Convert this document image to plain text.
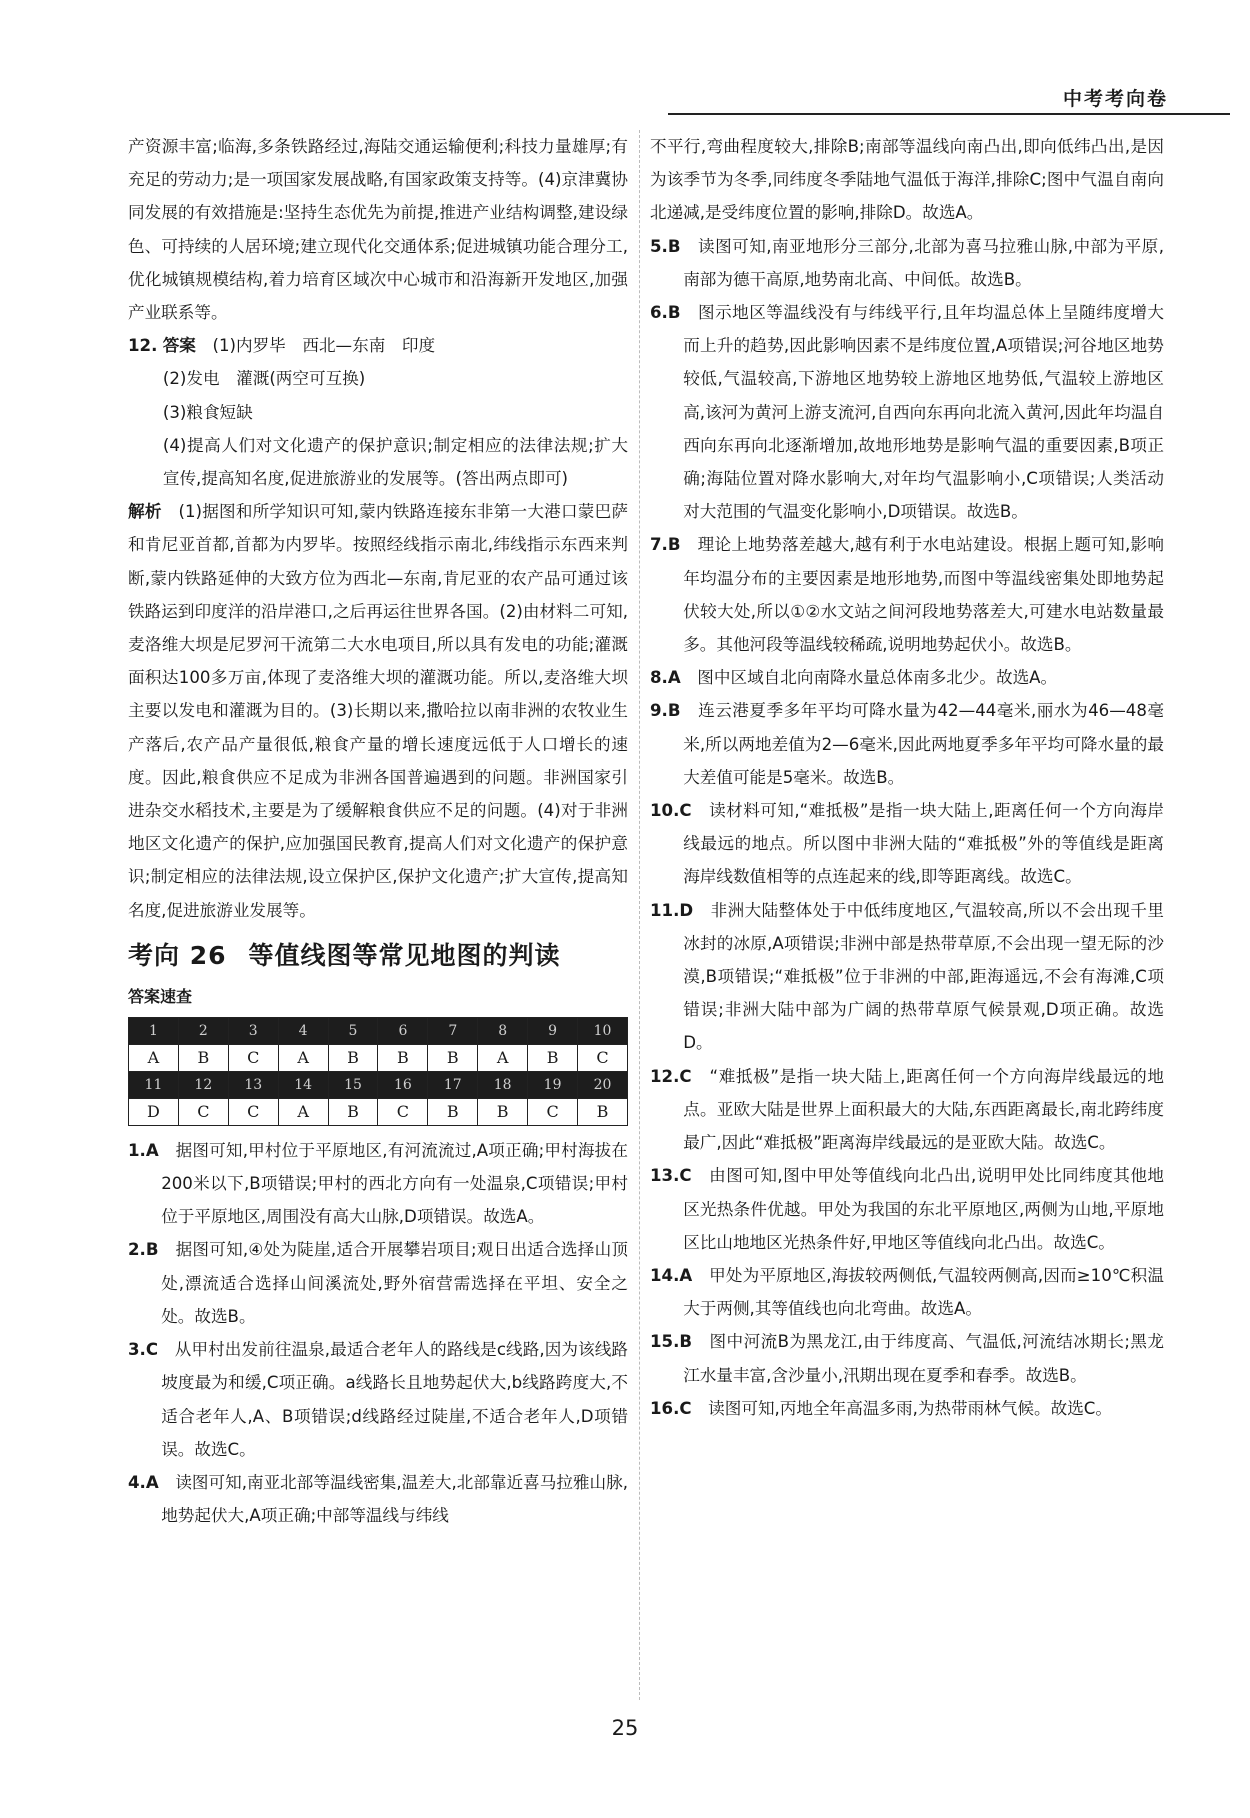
中考考向卷

产资源丰富;临海,多条铁路经过,海陆交通运输便利;科技力量雄厚;有充足的劳动力;是一项国家发展战略,有国家政策支持等。(4)京津冀协同发展的有效措施是:坚持生态优先为前提,推进产业结构调整,建设绿色、可持续的人居环境;建立现代化交通体系;促进城镇功能合理分工,优化城镇规模结构,着力培育区域次中心城市和沿海新开发地区,加强产业联系等。

12. 答案　 (1)内罗毕　西北—东南　印度

(2)发电　灌溉(两空可互换)

(3)粮食短缺

(4)提高人们对文化遗产的保护意识;制定相应的法律法规;扩大宣传,提高知名度,促进旅游业的发展等。(答出两点即可)

解析　 (1)据图和所学知识可知,蒙内铁路连接东非第一大港口蒙巴萨和肯尼亚首都,首都为内罗毕。按照经线指示南北,纬线指示东西来判断,蒙内铁路延伸的大致方位为西北—东南,肯尼亚的农产品可通过该铁路运到印度洋的沿岸港口,之后再运往世界各国。(2)由材料二可知,麦洛维大坝是尼罗河干流第二大水电项目,所以具有发电的功能;灌溉面积达100多万亩,体现了麦洛维大坝的灌溉功能。所以,麦洛维大坝主要以发电和灌溉为目的。(3)长期以来,撒哈拉以南非洲的农牧业生产落后,农产品产量很低,粮食产量的增长速度远低于人口增长的速度。因此,粮食供应不足成为非洲各国普遍遇到的问题。非洲国家引进杂交水稻技术,主要是为了缓解粮食供应不足的问题。(4)对于非洲地区文化遗产的保护,应加强国民教育,提高人们对文化遗产的保护意识;制定相应的法律法规,设立保护区,保护文化遗产;扩大宣传,提高知名度,促进旅游业发展等。

考向 26 等值线图等常见地图的判读
答案速查
1	2	3	4	5	6	7	8	9	10
A	B	C	A	B	B	B	A	B	C
11	12	13	14	15	16	17	18	19	20
D	C	C	A	B	C	B	B	C	B

1.A　 据图可知,甲村位于平原地区,有河流流过,A项正确;甲村海拔在200米以下,B项错误;甲村的西北方向有一处温泉,C项错误;甲村位于平原地区,周围没有高大山脉,D项错误。故选A。

2.B　 据图可知,④处为陡崖,适合开展攀岩项目;观日出适合选择山顶处,漂流适合选择山间溪流处,野外宿营需选择在平坦、安全之处。故选B。

3.C　 从甲村出发前往温泉,最适合老年人的路线是c线路,因为该线路坡度最为和缓,C项正确。a线路长且地势起伏大,b线路跨度大,不适合老年人,A、B项错误;d线路经过陡崖,不适合老年人,D项错误。故选C。

4.A　 读图可知,南亚北部等温线密集,温差大,北部靠近喜马拉雅山脉,地势起伏大,A项正确;中部等温线与纬线

不平行,弯曲程度较大,排除B;南部等温线向南凸出,即向低纬凸出,是因为该季节为冬季,同纬度冬季陆地气温低于海洋,排除C;图中气温自南向北递减,是受纬度位置的影响,排除D。故选A。

5.B　 读图可知,南亚地形分三部分,北部为喜马拉雅山脉,中部为平原,南部为德干高原,地势南北高、中间低。故选B。

6.B　 图示地区等温线没有与纬线平行,且年均温总体上呈随纬度增大而上升的趋势,因此影响因素不是纬度位置,A项错误;河谷地区地势较低,气温较高,下游地区地势较上游地区地势低,气温较上游地区高,该河为黄河上游支流河,自西向东再向北流入黄河,因此年均温自西向东再向北逐渐增加,故地形地势是影响气温的重要因素,B项正确;海陆位置对降水影响大,对年均气温影响小,C项错误;人类活动对大范围的气温变化影响小,D项错误。故选B。

7.B　 理论上地势落差越大,越有利于水电站建设。根据上题可知,影响年均温分布的主要因素是地形地势,而图中等温线密集处即地势起伏较大处,所以①②水文站之间河段地势落差大,可建水电站数量最多。其他河段等温线较稀疏,说明地势起伏小。故选B。

8.A　 图中区域自北向南降水量总体南多北少。故选A。

9.B　 连云港夏季多年平均可降水量为42—44毫米,丽水为46—48毫米,所以两地差值为2—6毫米,因此两地夏季多年平均可降水量的最大差值可能是5毫米。故选B。

10.C　 读材料可知,“难抵极”是指一块大陆上,距离任何一个方向海岸线最远的地点。所以图中非洲大陆的“难抵极”外的等值线是距离海岸线数值相等的点连起来的线,即等距离线。故选C。

11.D　 非洲大陆整体处于中低纬度地区,气温较高,所以不会出现千里冰封的冰原,A项错误;非洲中部是热带草原,不会出现一望无际的沙漠,B项错误;“难抵极”位于非洲的中部,距海遥远,不会有海滩,C项错误;非洲大陆中部为广阔的热带草原气候景观,D项正确。故选D。

12.C　 “难抵极”是指一块大陆上,距离任何一个方向海岸线最远的地点。亚欧大陆是世界上面积最大的大陆,东西距离最长,南北跨纬度最广,因此“难抵极”距离海岸线最远的是亚欧大陆。故选C。

13.C　 由图可知,图中甲处等值线向北凸出,说明甲处比同纬度其他地区光热条件优越。甲处为我国的东北平原地区,两侧为山地,平原地区比山地地区光热条件好,甲地区等值线向北凸出。故选C。

14.A　 甲处为平原地区,海拔较两侧低,气温较两侧高,因而≥10℃积温大于两侧,其等值线也向北弯曲。故选A。

15.B　 图中河流B为黑龙江,由于纬度高、气温低,河流结冰期长;黑龙江水量丰富,含沙量小,汛期出现在夏季和春季。故选B。

16.C　 读图可知,丙地全年高温多雨,为热带雨林气候。故选C。

25
